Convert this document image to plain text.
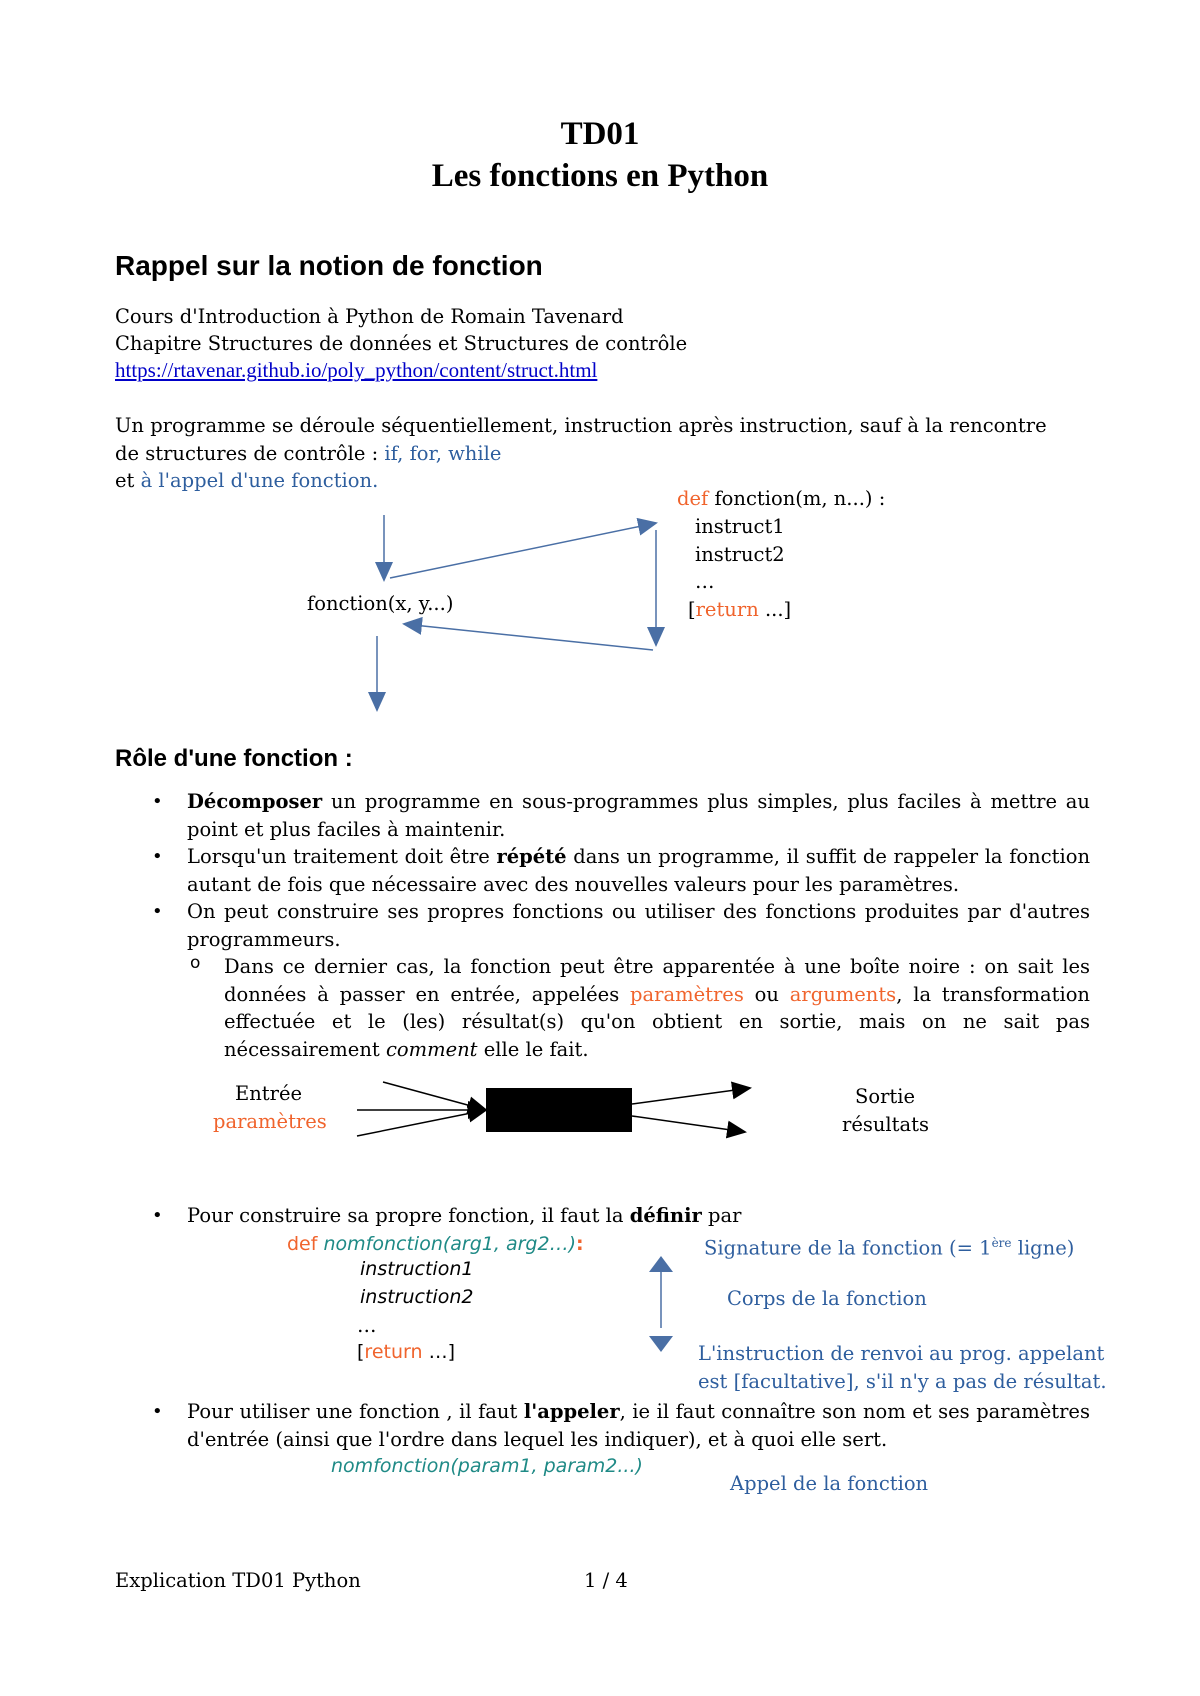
TD01
Les fonctions en Python
Rappel sur la notion de fonction
Cours d'Introduction à Python de Romain Tavenard
Chapitre Structures de données et Structures de contrôle
https://rtavenar.github.io/poly_python/content/struct.html
Un programme se déroule séquentiellement, instruction après instruction, sauf à la rencontre de structures de contrôle : if, for, while
et à l'appel d'une fonction.
fonction(x, y...)
def fonction(m, n...) :
instruct1
instruct2
…
[return ...]
Rôle d'une fonction :
• Décomposer un programme en sous-programmes plus simples, plus faciles à mettre au point et plus faciles à maintenir.
• Lorsqu'un traitement doit être répété dans un programme, il suffit de rappeler la fonction autant de fois que nécessaire avec des nouvelles valeurs pour les paramètres.
• On peut construire ses propres fonctions ou utiliser des fonctions produites par d'autres programmeurs.
o Dans ce dernier cas, la fonction peut être apparentée à une boîte noire : on sait les données à passer en entrée, appelées paramètres ou arguments, la transformation effectuée et le (les) résultat(s) qu'on obtient en sortie, mais on ne sait pas nécessairement comment elle le fait.
Entrée
paramètres
Sortie
résultats
• Pour construire sa propre fonction, il faut la définir par
def nomfonction(arg1, arg2…):
instruction1
instruction2
…
[return …]
Signature de la fonction (= 1ère ligne)
Corps de la fonction
L'instruction de renvoi au prog. appelant
est [facultative], s'il n'y a pas de résultat.
• Pour utiliser une fonction , il faut l'appeler, ie il faut connaître son nom et ses paramètres d'entrée (ainsi que l'ordre dans lequel les indiquer), et à quoi elle sert.
nomfonction(param1, param2...)
Appel de la fonction
Explication TD01 Python	1 / 4
